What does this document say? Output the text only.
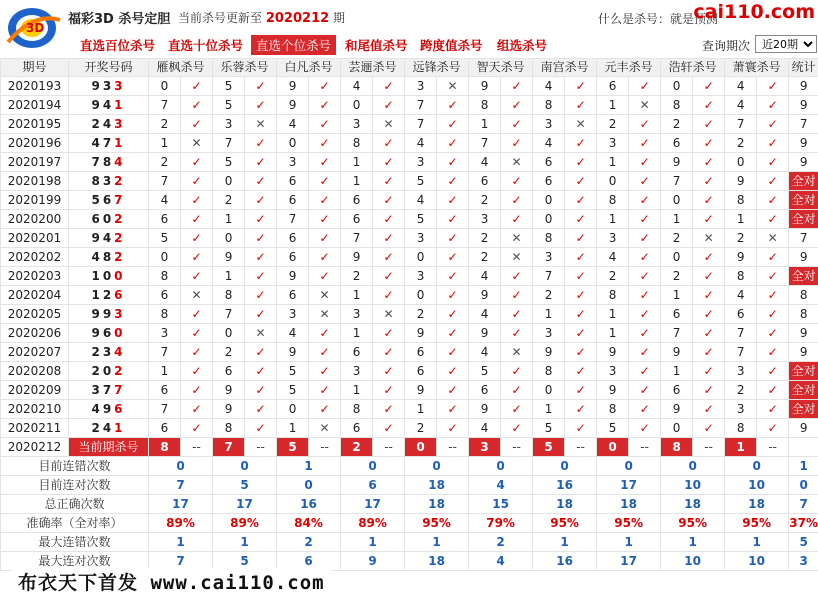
3D
福彩3D 杀号定胆 当前杀号更新至 2020212 期	什么是杀号：就是预测
cai110.com
直选百位杀号 直选十位杀号	直选个位杀号	和尾值杀号 跨度值杀号 组选杀号	查询期次
近20期
期号	开奖号码	雁枫杀号		乐蓉杀号		白凡杀号		芸逦杀号		远锋杀号		智天杀号		南宫杀号		元丰杀号		浩轩杀号		萧寰杀号		统计
2020193	933	0	✓	5	✓	9	✓	4	✓	3	✕	9	✓	4	✓	6	✓	0	✓	4	✓	9
2020194	941	7	✓	5	✓	9	✓	0	✓	7	✓	8	✓	8	✓	1	✕	8	✓	4	✓	9
2020195	243	2	✓	3	✕	4	✓	3	✕	7	✓	1	✓	3	✕	2	✓	2	✓	7	✓	7
2020196	471	1	✕	7	✓	0	✓	8	✓	4	✓	7	✓	4	✓	3	✓	6	✓	2	✓	9
2020197	784	2	✓	5	✓	3	✓	1	✓	3	✓	4	✕	6	✓	1	✓	9	✓	0	✓	9
2020198	832	7	✓	0	✓	6	✓	1	✓	5	✓	6	✓	6	✓	0	✓	7	✓	9	✓	全对
2020199	567	4	✓	2	✓	6	✓	6	✓	4	✓	2	✓	0	✓	8	✓	0	✓	8	✓	全对
2020200	602	6	✓	1	✓	7	✓	6	✓	5	✓	3	✓	0	✓	1	✓	1	✓	1	✓	全对
2020201	942	5	✓	0	✓	6	✓	7	✓	3	✓	2	✕	8	✓	3	✓	2	✕	2	✕	7
2020202	482	0	✓	9	✓	6	✓	9	✓	0	✓	2	✕	3	✓	4	✓	0	✓	9	✓	9
2020203	100	8	✓	1	✓	9	✓	2	✓	3	✓	4	✓	7	✓	2	✓	2	✓	8	✓	全对
2020204	126	6	✕	8	✓	6	✕	1	✓	0	✓	9	✓	2	✓	8	✓	1	✓	4	✓	8
2020205	993	8	✓	7	✓	3	✕	3	✕	2	✓	4	✓	1	✓	1	✓	6	✓	6	✓	8
2020206	960	3	✓	0	✕	4	✓	1	✓	9	✓	9	✓	3	✓	1	✓	7	✓	7	✓	9
2020207	234	7	✓	2	✓	9	✓	6	✓	6	✓	4	✕	9	✓	9	✓	9	✓	7	✓	9
2020208	202	1	✓	6	✓	5	✓	3	✓	6	✓	5	✓	8	✓	3	✓	1	✓	3	✓	全对
2020209	377	6	✓	9	✓	5	✓	1	✓	9	✓	6	✓	0	✓	9	✓	6	✓	2	✓	全对
2020210	496	7	✓	9	✓	0	✓	8	✓	1	✓	9	✓	1	✓	8	✓	9	✓	3	✓	全对
2020211	241	6	✓	8	✓	1	✕	6	✓	2	✓	4	✓	5	✓	5	✓	0	✓	8	✓	9
2020212	当前期杀号	8	--	7	--	5	--	2	--	0	--	3	--	5	--	0	--	8	--	1	--	
目前连错次数		0		0		1		0		0		0		0		0		0		0		1
目前连对次数		7		5		0		6		18		4		16		17		10		10		0
总正确次数		17		17		16		17		18		15		18		18		18		18		7
准确率（全对率）		89%		89%		84%		89%		95%		79%		95%		95%		95%		95%		37%
最大连错次数		1		1		2		1		1		2		1		1		1		1		5
最大连对次数		7		5		6		9		18		4		16		17		10		10		3
布衣天下首发 www.cai110.com
